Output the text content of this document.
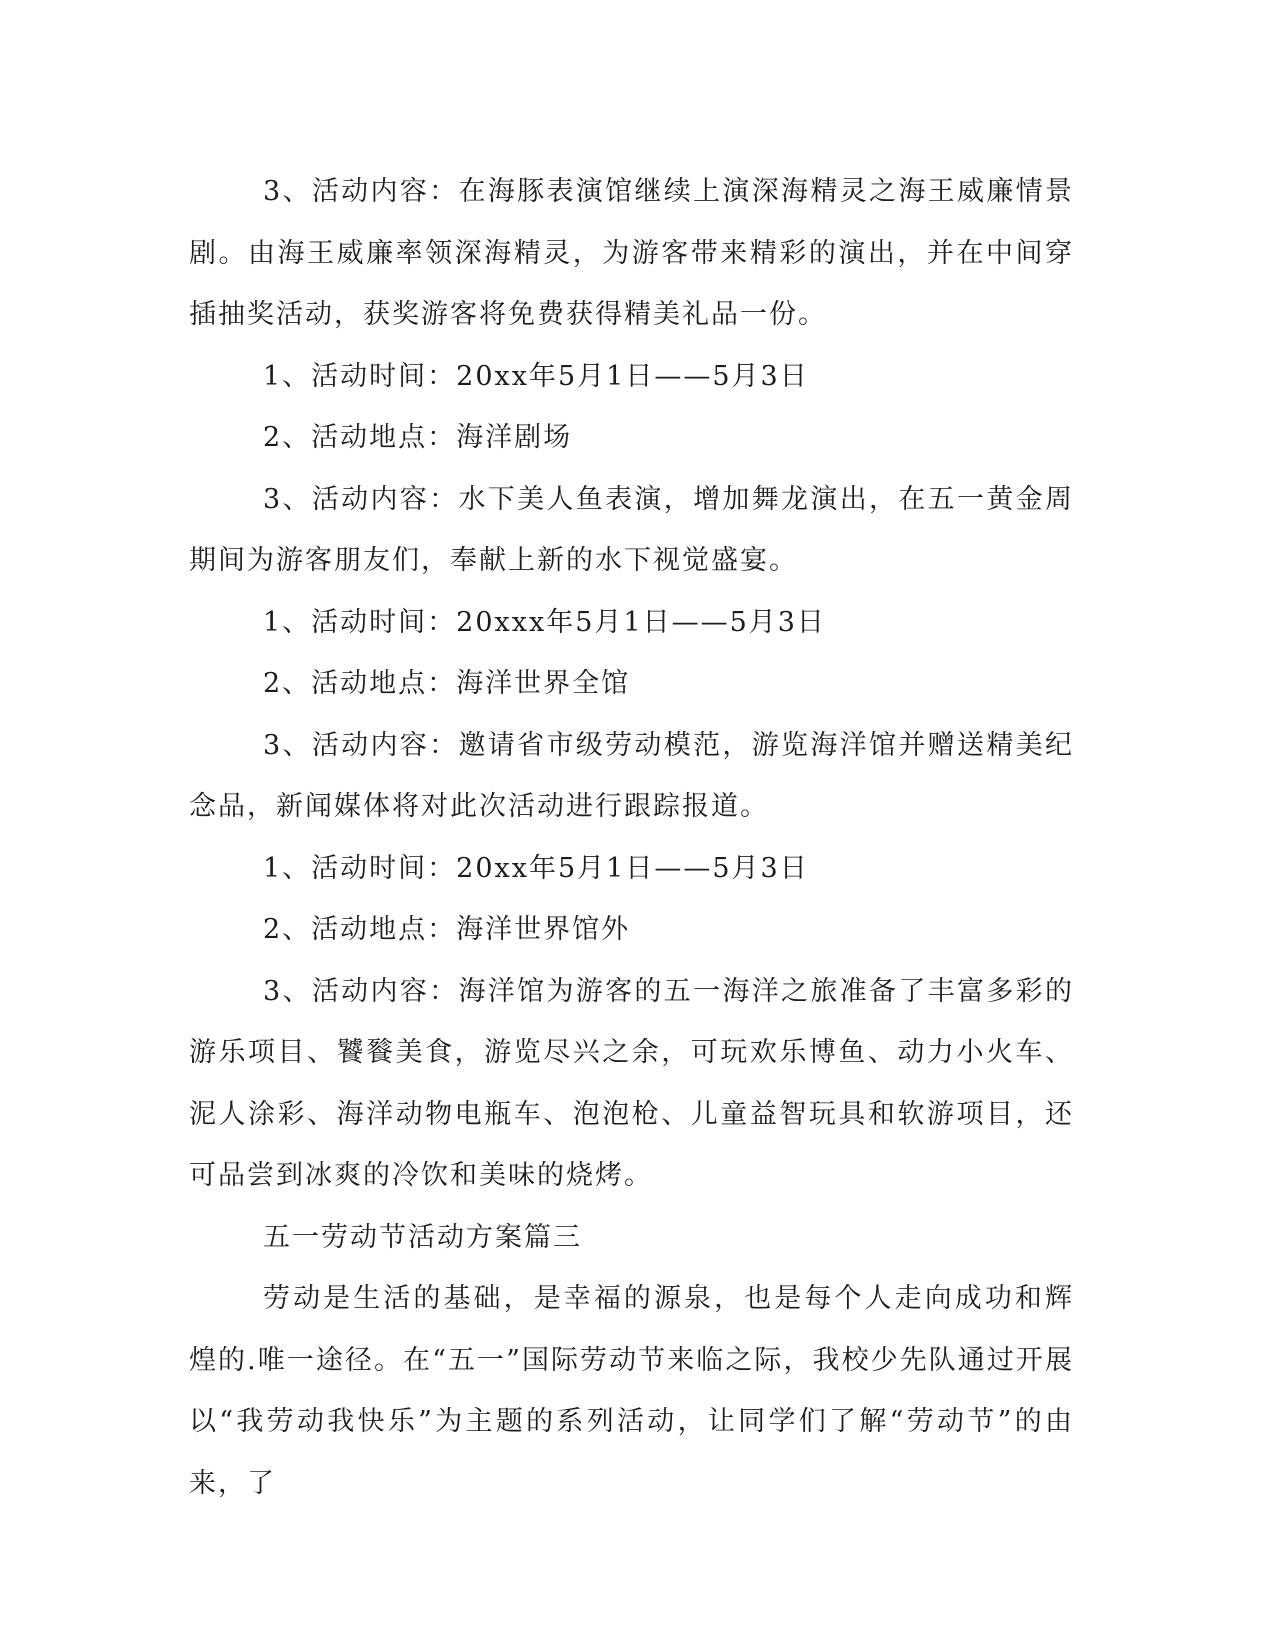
3、活动内容：在海豚表演馆继续上演深海精灵之海王威廉情景剧。由海王威廉率领深海精灵，为游客带来精彩的演出，并在中间穿插抽奖活动，获奖游客将免费获得精美礼品一份。

1、活动时间：20xx年5月1日——5月3日

2、活动地点：海洋剧场

3、活动内容：水下美人鱼表演，增加舞龙演出，在五一黄金周期间为游客朋友们，奉献上新的水下视觉盛宴。

1、活动时间：20xxx年5月1日——5月3日

2、活动地点：海洋世界全馆

3、活动内容：邀请省市级劳动模范，游览海洋馆并赠送精美纪念品，新闻媒体将对此次活动进行跟踪报道。

1、活动时间：20xx年5月1日——5月3日

2、活动地点：海洋世界馆外

3、活动内容：海洋馆为游客的五一海洋之旅准备了丰富多彩的游乐项目、饕餮美食，游览尽兴之余，可玩欢乐博鱼、动力小火车、泥人涂彩、海洋动物电瓶车、泡泡枪、儿童益智玩具和软游项目，还可品尝到冰爽的冷饮和美味的烧烤。

五一劳动节活动方案篇三

劳动是生活的基础，是幸福的源泉，也是每个人走向成功和辉煌的.唯一途径。在“五一”国际劳动节来临之际，我校少先队通过开展以“我劳动我快乐”为主题的系列活动，让同学们了解“劳动节”的由来，了
